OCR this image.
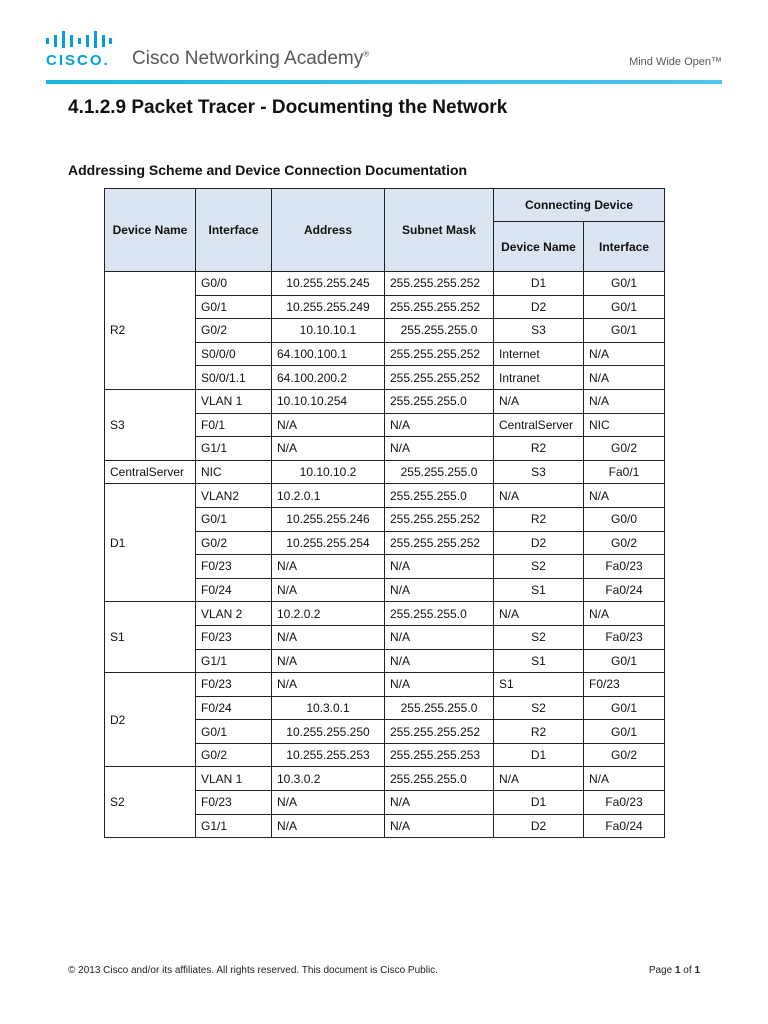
CISCO. Cisco Networking Academy®
Mind Wide Open™
4.1.2.9 Packet Tracer - Documenting the Network
Addressing Scheme and Device Connection Documentation
Device Name	Interface	Address	Subnet Mask	Connecting Device	
				Device Name	Interface
R2	G0/0	10.255.255.245	255.255.255.252	D1	G0/1
	G0/1	10.255.255.249	255.255.255.252	D2	G0/1
	G0/2	10.10.10.1	255.255.255.0	S3	G0/1
	S0/0/0	64.100.100.1	255.255.255.252	Internet	N/A
	S0/0/1.1	64.100.200.2	255.255.255.252	Intranet	N/A
S3	VLAN 1	10.10.10.254	255.255.255.0	N/A	N/A
	F0/1	N/A	N/A	CentralServer	NIC
	G1/1	N/A	N/A	R2	G0/2
CentralServer	NIC	10.10.10.2	255.255.255.0	S3	Fa0/1
D1	VLAN2	10.2.0.1	255.255.255.0	N/A	N/A
	G0/1	10.255.255.246	255.255.255.252	R2	G0/0
	G0/2	10.255.255.254	255.255.255.252	D2	G0/2
	F0/23	N/A	N/A	S2	Fa0/23
	F0/24	N/A	N/A	S1	Fa0/24
S1	VLAN 2	10.2.0.2	255.255.255.0	N/A	N/A
	F0/23	N/A	N/A	S2	Fa0/23
	G1/1	N/A	N/A	S1	G0/1
D2	F0/23	N/A	N/A	S1	F0/23
	F0/24	10.3.0.1	255.255.255.0	S2	G0/1
	G0/1	10.255.255.250	255.255.255.252	R2	G0/1
	G0/2	10.255.255.253	255.255.255.253	D1	G0/2
S2	VLAN 1	10.3.0.2	255.255.255.0	N/A	N/A
	F0/23	N/A	N/A	D1	Fa0/23
	G1/1	N/A	N/A	D2	Fa0/24
© 2013 Cisco and/or its affiliates. All rights reserved. This document is Cisco Public.	Page 1 of 1
